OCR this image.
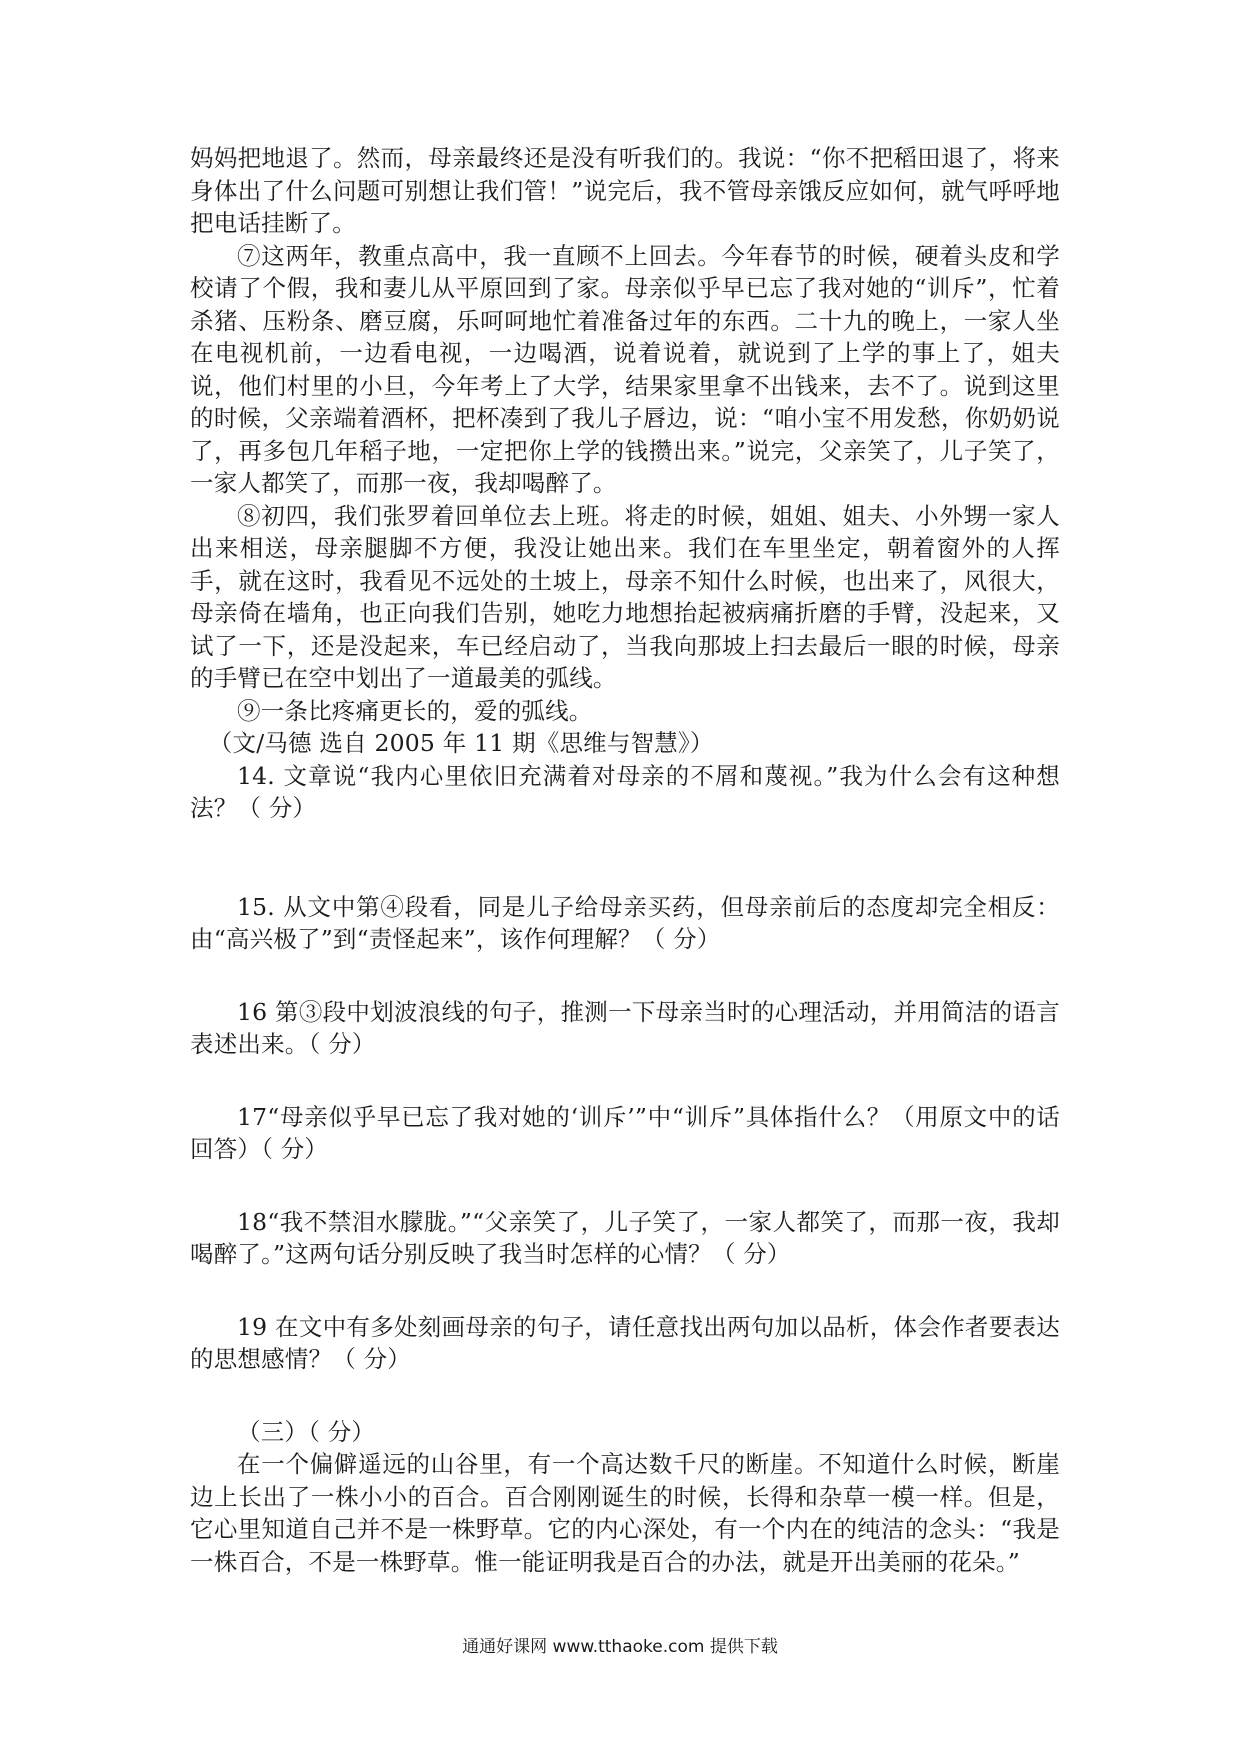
妈妈把地退了。然而，母亲最终还是没有听我们的。我说：“你不把稻田退了，将来身体出了什么问题可别想让我们管！”说完后，我不管母亲饿反应如何，就气呼呼地把电话挂断了。

⑦这两年，教重点高中，我一直顾不上回去。今年春节的时候，硬着头皮和学校请了个假，我和妻儿从平原回到了家。母亲似乎早已忘了我对她的“训斥”，忙着杀猪、压粉条、磨豆腐，乐呵呵地忙着准备过年的东西。二十九的晚上，一家人坐在电视机前，一边看电视，一边喝酒，说着说着，就说到了上学的事上了，姐夫说，他们村里的小旦，今年考上了大学，结果家里拿不出钱来，去不了。说到这里的时候，父亲端着酒杯，把杯凑到了我儿子唇边，说：“咱小宝不用发愁，你奶奶说了，再多包几年稻子地，一定把你上学的钱攒出来。”说完，父亲笑了，儿子笑了，一家人都笑了，而那一夜，我却喝醉了。

⑧初四，我们张罗着回单位去上班。将走的时候，姐姐、姐夫、小外甥一家人出来相送，母亲腿脚不方便，我没让她出来。我们在车里坐定，朝着窗外的人挥手，就在这时，我看见不远处的土坡上，母亲不知什么时候，也出来了，风很大，母亲倚在墙角，也正向我们告别，她吃力地想抬起被病痛折磨的手臂，没起来，又试了一下，还是没起来，车已经启动了，当我向那坡上扫去最后一眼的时候，母亲的手臂已在空中划出了一道最美的弧线。

⑨一条比疼痛更长的，爱的弧线。

（文/马德 选自 2005 年 11 期《思维与智慧》）

14. 文章说“我内心里依旧充满着对母亲的不屑和蔑视。”我为什么会有这种想法？（ 分）

15. 从文中第④段看，同是儿子给母亲买药，但母亲前后的态度却完全相反：由“高兴极了”到“责怪起来”，该作何理解？（ 分）

16 第③段中划波浪线的句子，推测一下母亲当时的心理活动，并用简洁的语言表述出来。（ 分）

17“母亲似乎早已忘了我对她的‘训斥’”中“训斥”具体指什么？（用原文中的话回答）（ 分）

18“我不禁泪水朦胧。”“父亲笑了，儿子笑了，一家人都笑了，而那一夜，我却喝醉了。”这两句话分别反映了我当时怎样的心情？（ 分）

19 在文中有多处刻画母亲的句子，请任意找出两句加以品析，体会作者要表达的思想感情？（ 分）

（三）（ 分）

在一个偏僻遥远的山谷里，有一个高达数千尺的断崖。不知道什么时候，断崖边上长出了一株小小的百合。百合刚刚诞生的时候，长得和杂草一模一样。但是，它心里知道自己并不是一株野草。它的内心深处，有一个内在的纯洁的念头：“我是一株百合，不是一株野草。惟一能证明我是百合的办法，就是开出美丽的花朵。”

通通好课网 www.tthaoke.com 提供下载
